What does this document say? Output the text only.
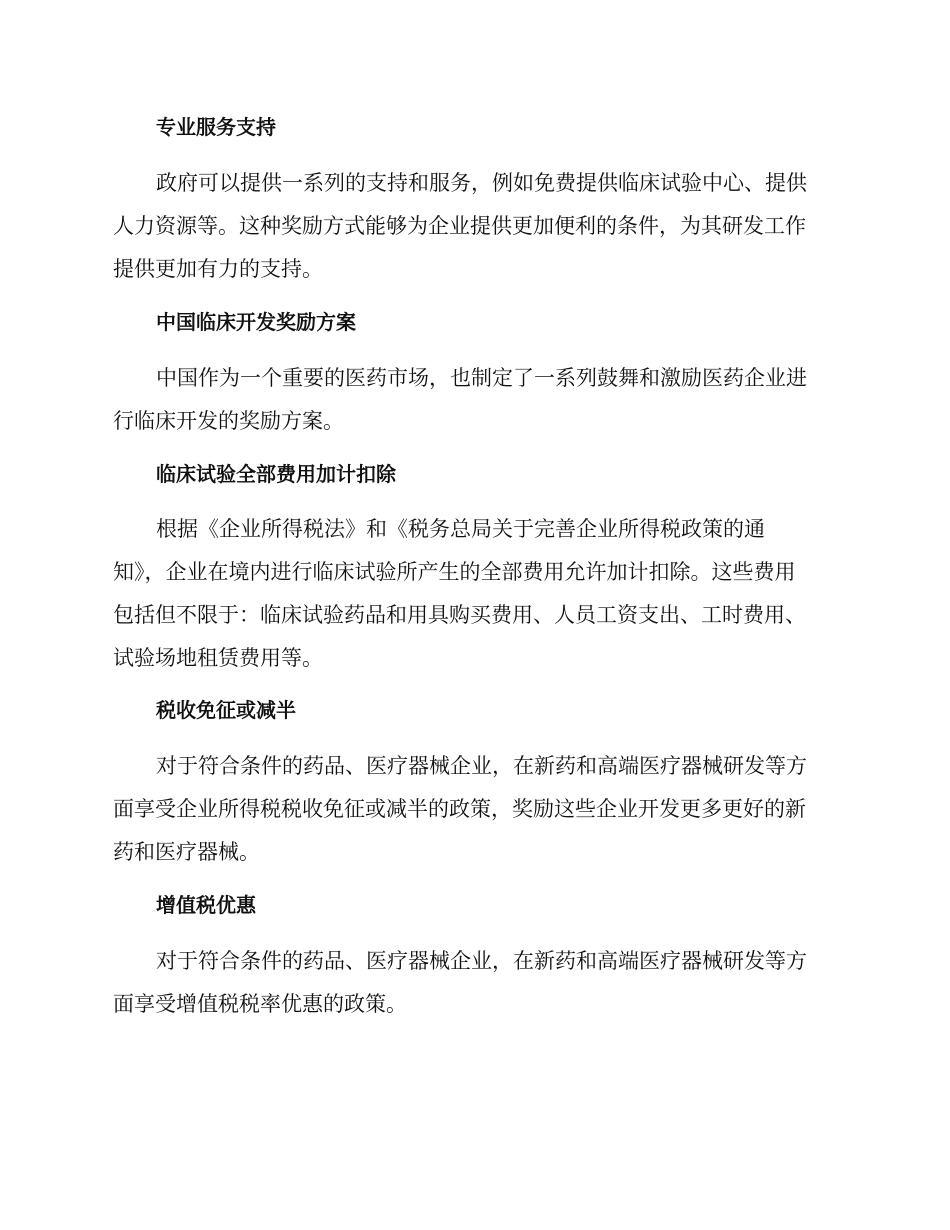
专业服务支持
政府可以提供一系列的支持和服务，例如免费提供临床试验中心、提供
人力资源等。这种奖励方式能够为企业提供更加便利的条件，为其研发工作
提供更加有力的支持。
中国临床开发奖励方案
中国作为一个重要的医药市场，也制定了一系列鼓舞和激励医药企业进
行临床开发的奖励方案。
临床试验全部费用加计扣除
根据《企业所得税法》和《税务总局关于完善企业所得税政策的通
知》，企业在境内进行临床试验所产生的全部费用允许加计扣除。这些费用
包括但不限于：临床试验药品和用具购买费用、人员工资支出、工时费用、
试验场地租赁费用等。
税收免征或减半
对于符合条件的药品、医疗器械企业，在新药和高端医疗器械研发等方
面享受企业所得税税收免征或减半的政策，奖励这些企业开发更多更好的新
药和医疗器械。
增值税优惠
对于符合条件的药品、医疗器械企业，在新药和高端医疗器械研发等方
面享受增值税税率优惠的政策。
